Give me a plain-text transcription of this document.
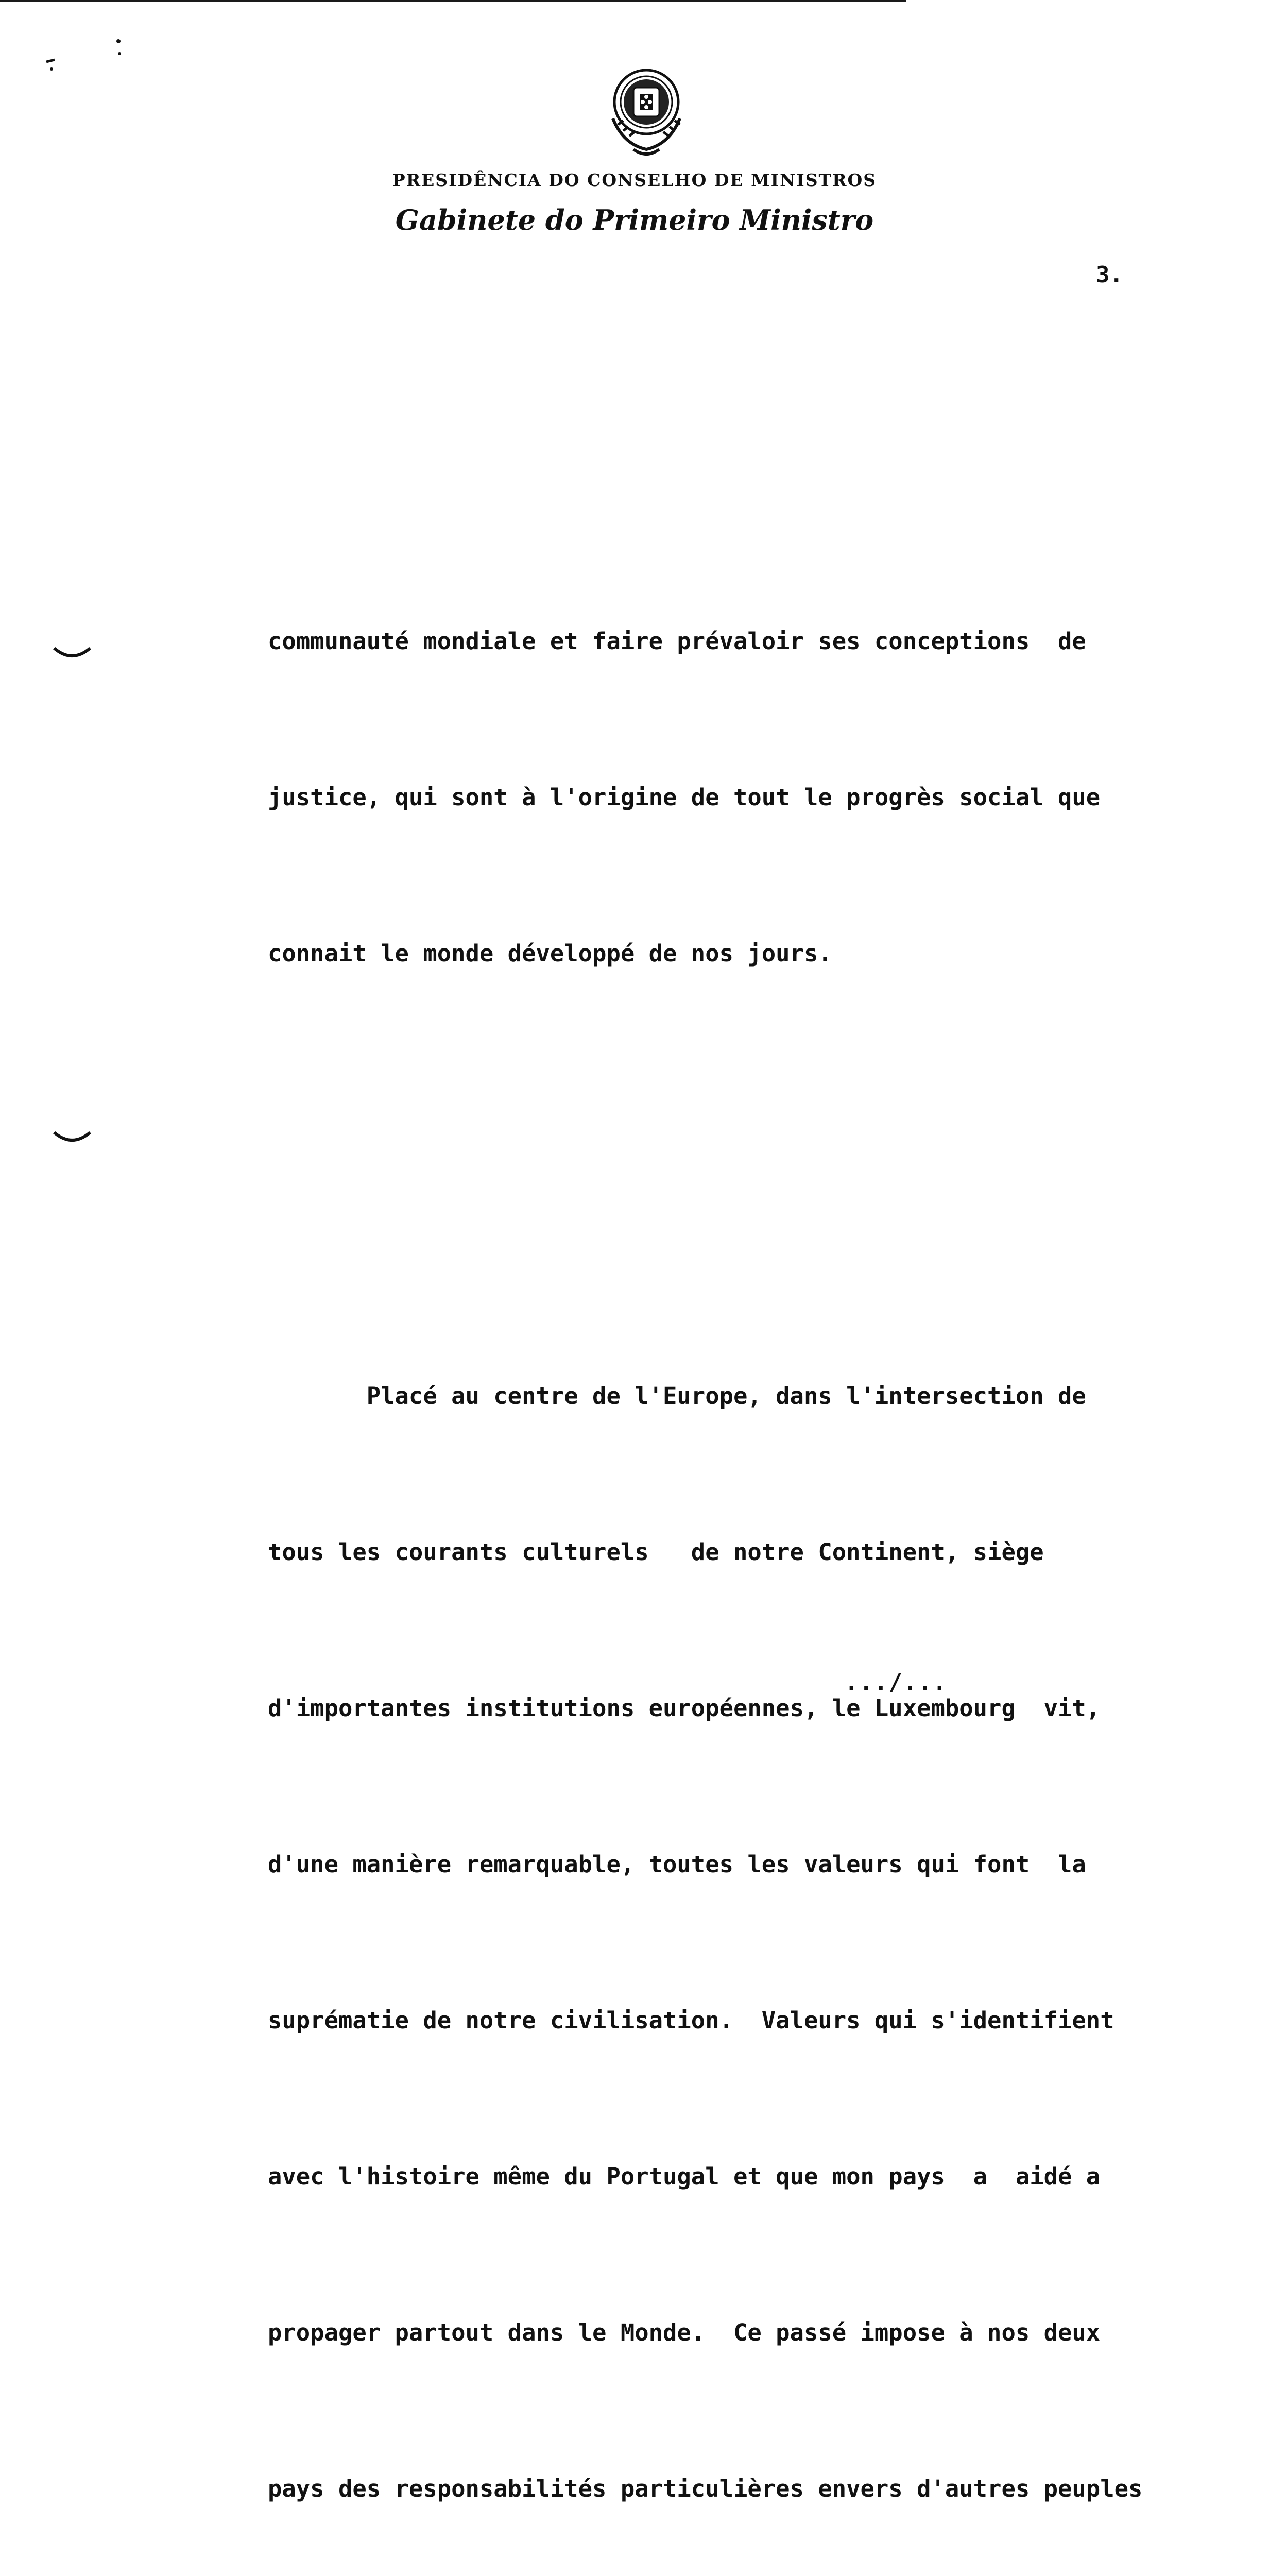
PRESIDÊNCIA DO CONSELHO DE MINISTROS
Gabinete do Primeiro Ministro
3.

communauté mondiale et faire prévaloir ses conceptions  de

justice, qui sont à l'origine de tout le progrès social que

connait le monde développé de nos jours.

Placé au centre de l'Europe, dans l'intersection de

tous les courants culturels   de notre Continent, siège

d'importantes institutions européennes, le Luxembourg  vit,

d'une manière remarquable, toutes les valeurs qui font  la

suprématie de notre civilisation.  Valeurs qui s'identifient

avec l'histoire même du Portugal et que mon pays  a  aidé a

propager partout dans le Monde.  Ce passé impose à nos deux

pays des responsabilités particulières envers d'autres peuples

.../...
